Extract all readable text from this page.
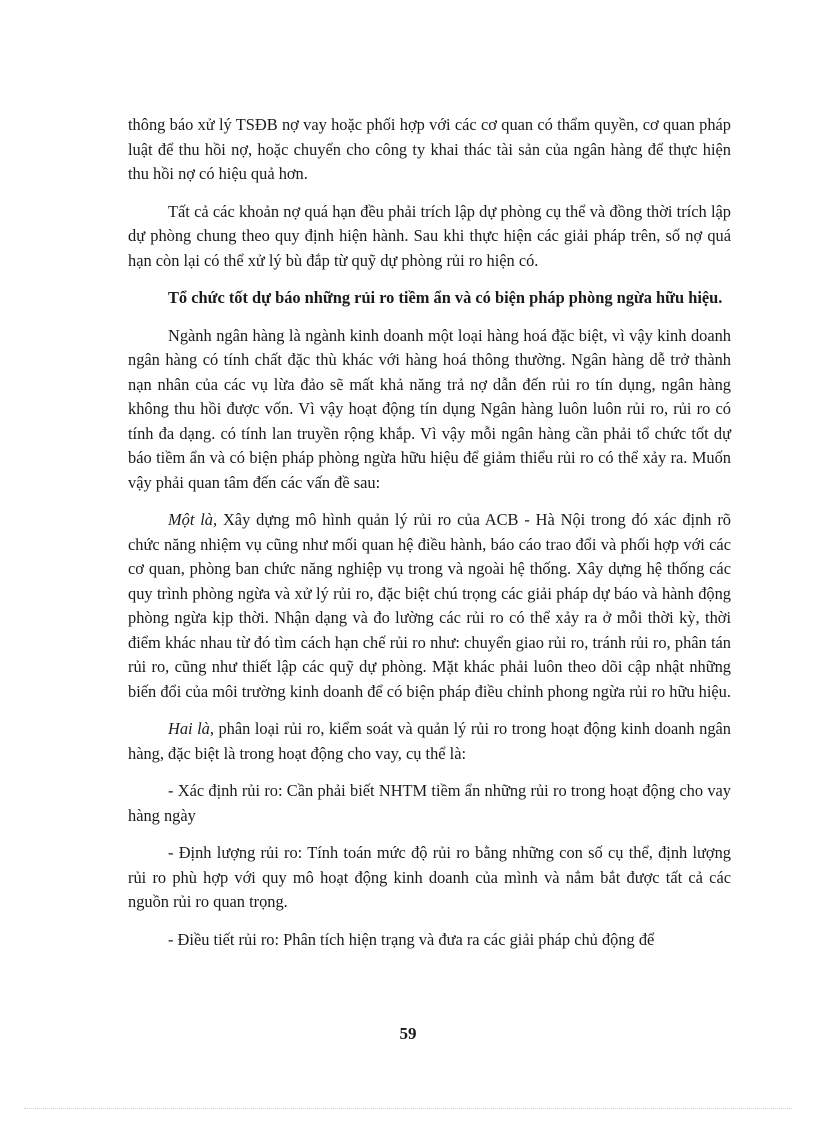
thông báo xử lý TSĐB nợ vay hoặc phối hợp với các cơ quan có thẩm quyền, cơ quan pháp luật để thu hồi nợ, hoặc chuyển cho công ty khai thác tài sản của ngân hàng để thực hiện thu hồi nợ có hiệu quả hơn.

Tất cả các khoản nợ quá hạn đều phải trích lập dự phòng cụ thể và đồng thời trích lập dự phòng chung theo quy định hiện hành. Sau khi thực hiện các giải pháp trên, số nợ quá hạn còn lại có thể xử lý bù đắp từ quỹ dự phòng rủi ro hiện có.

Tổ chức tốt dự báo những rủi ro tiềm ẩn và có biện pháp phòng ngừa hữu hiệu.

Ngành ngân hàng là ngành kinh doanh một loại hàng hoá đặc biệt, vì vậy kinh doanh ngân hàng có tính chất đặc thù khác với hàng hoá thông thường. Ngân hàng dễ trở thành nạn nhân của các vụ lừa đảo sẽ mất khả năng trả nợ dẫn đến rủi ro tín dụng, ngân hàng không thu hồi được vốn. Vì vậy hoạt động tín dụng Ngân hàng luôn luôn rủi ro, rủi ro có tính đa dạng. có tính lan truyền rộng khắp. Vì vậy mỗi ngân hàng cần phải tổ chức tốt dự báo tiềm ẩn và có biện pháp phòng ngừa hữu hiệu để giảm thiểu rủi ro có thể xảy ra. Muốn vậy phải quan tâm đến các vấn đề sau:

Một là, Xây dựng mô hình quản lý rủi ro của ACB - Hà Nội trong đó xác định rõ chức năng nhiệm vụ cũng như mối quan hệ điều hành, báo cáo trao đổi và phối hợp với các cơ quan, phòng ban chức năng nghiệp vụ trong và ngoài hệ thống. Xây dựng hệ thống các quy trình phòng ngừa và xử lý rủi ro, đặc biệt chú trọng các giải pháp dự báo và hành động phòng ngừa kịp thời. Nhận dạng và đo lường các rủi ro có thể xảy ra ở mỗi thời kỳ, thời điểm khác nhau từ đó tìm cách hạn chế rủi ro như: chuyển giao rủi ro, tránh rủi ro, phân tán rủi ro, cũng như thiết lập các quỹ dự phòng. Mặt khác phải luôn theo dõi cập nhật những biến đổi của môi trường kinh doanh để có biện pháp điều chỉnh phong ngừa rủi ro hữu hiệu.

Hai là, phân loại rủi ro, kiểm soát và quản lý rủi ro trong hoạt động kinh doanh ngân hàng, đặc biệt là trong hoạt động cho vay, cụ thể là:

- Xác định rủi ro: Cần phải biết NHTM tiềm ẩn những rủi ro trong hoạt động cho vay hàng ngày

- Định lượng rủi ro: Tính toán mức độ rủi ro bằng những con số cụ thể, định lượng rủi ro phù hợp với quy mô hoạt động kinh doanh của mình và nắm bắt được tất cả các nguồn rủi ro quan trọng.

- Điều tiết rủi ro: Phân tích hiện trạng và đưa ra các giải pháp chủ động để

59
